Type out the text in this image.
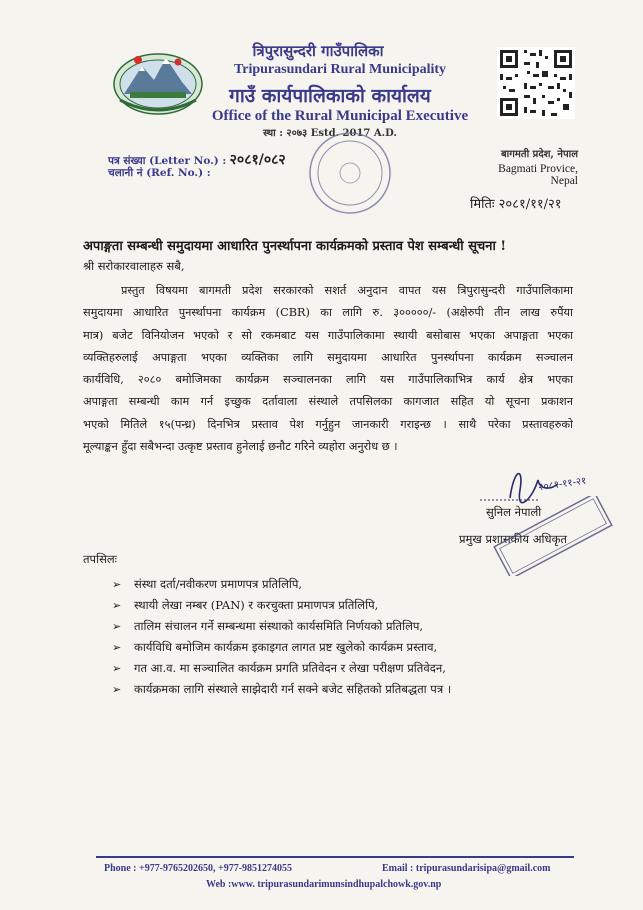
त्रिपुरासुन्दरी गाउँपालिका
Tripurasundari Rural Municipality
गाउँ कार्यपालिकाको कार्यालय
Office of the Rural Municipal Executive
स्था : २०७३ Estd. 2017 A.D.
पत्र संख्या (Letter No.) : २०८१/०८२
चलानी नं (Ref. No.) :
बागमती प्रदेश, नेपाल
Bagmati Provice, Nepal
मितिः २०८१/११/२१
अपाङ्गता सम्बन्धी समुदायमा आधारित पुनर्स्थापना कार्यक्रमको प्रस्ताव पेश सम्बन्धी सूचना !
श्री सरोकारवालाहरु सबै,
प्रस्तुत विषयमा बागमती प्रदेश सरकारको सशर्त अनुदान वापत यस त्रिपुरासुन्दरी गाउँपालिकामा
समुदायमा आधारित पुनर्स्थापना कार्यक्रम (CBR) का लागि रु. ३०००००/- (अक्षेरुपी तीन लाख रुपैंया
मात्र) बजेट विनियोजन भएको र सो रकमबाट यस गाउँपालिकामा स्थायी बसोबास भएका अपाङ्गता भएका
व्यक्तिहरुलाई अपाङ्गता भएका व्यक्तिका लागि समुदायमा आधारित पुनर्स्थापना कार्यक्रम सञ्चालन
कार्यविधि, २०८० बमोजिमका कार्यक्रम सञ्चालनका लागि यस गाउँपालिकाभित्र कार्य क्षेत्र भएका
अपाङ्गता सम्बन्धी काम गर्न इच्छुक दर्तावाला संस्थाले तपसिलका कागजात सहित यो सूचना प्रकाशन
भएको मितिले १५(पन्ध्र) दिनभित्र प्रस्ताव पेश गर्नुहुन जानकारी गराइन्छ । साथै परेका प्रस्तावहरुको
मूल्याङ्कन हुँदा सबैभन्दा उत्कृष्ट प्रस्ताव हुनेलाई छनौट गरिने व्यहोरा अनुरोध छ ।
२०८१-११-२१
सुनिल नेपाली
प्रमुख प्रशासकीय अधिकृत
तपसिलः
➢ संस्था दर्ता/नवीकरण प्रमाणपत्र प्रतिलिपि,
➢ स्थायी लेखा नम्बर (PAN) र करचुक्ता प्रमाणपत्र प्रतिलिपि,
➢ तालिम संचालन गर्ने सम्बन्धमा संस्थाको कार्यसमिति निर्णयको प्रतिलिप,
➢ कार्यविधि बमोजिम कार्यक्रम इकाइगत लागत प्रष्ट खुलेको कार्यक्रम प्रस्ताव,
➢ गत आ.व. मा सञ्चालित कार्यक्रम प्रगति प्रतिवेदन र लेखा परीक्षण प्रतिवेदन,
➢ कार्यक्रमका लागि संस्थाले साझेदारी गर्न सक्ने बजेट सहितको प्रतिबद्धता पत्र ।
Phone : +977-9765202650, +977-9851274055	Email : tripurasundarisipa@gmail.com
Web :www. tripurasundarimunsindhupalchowk.gov.np
